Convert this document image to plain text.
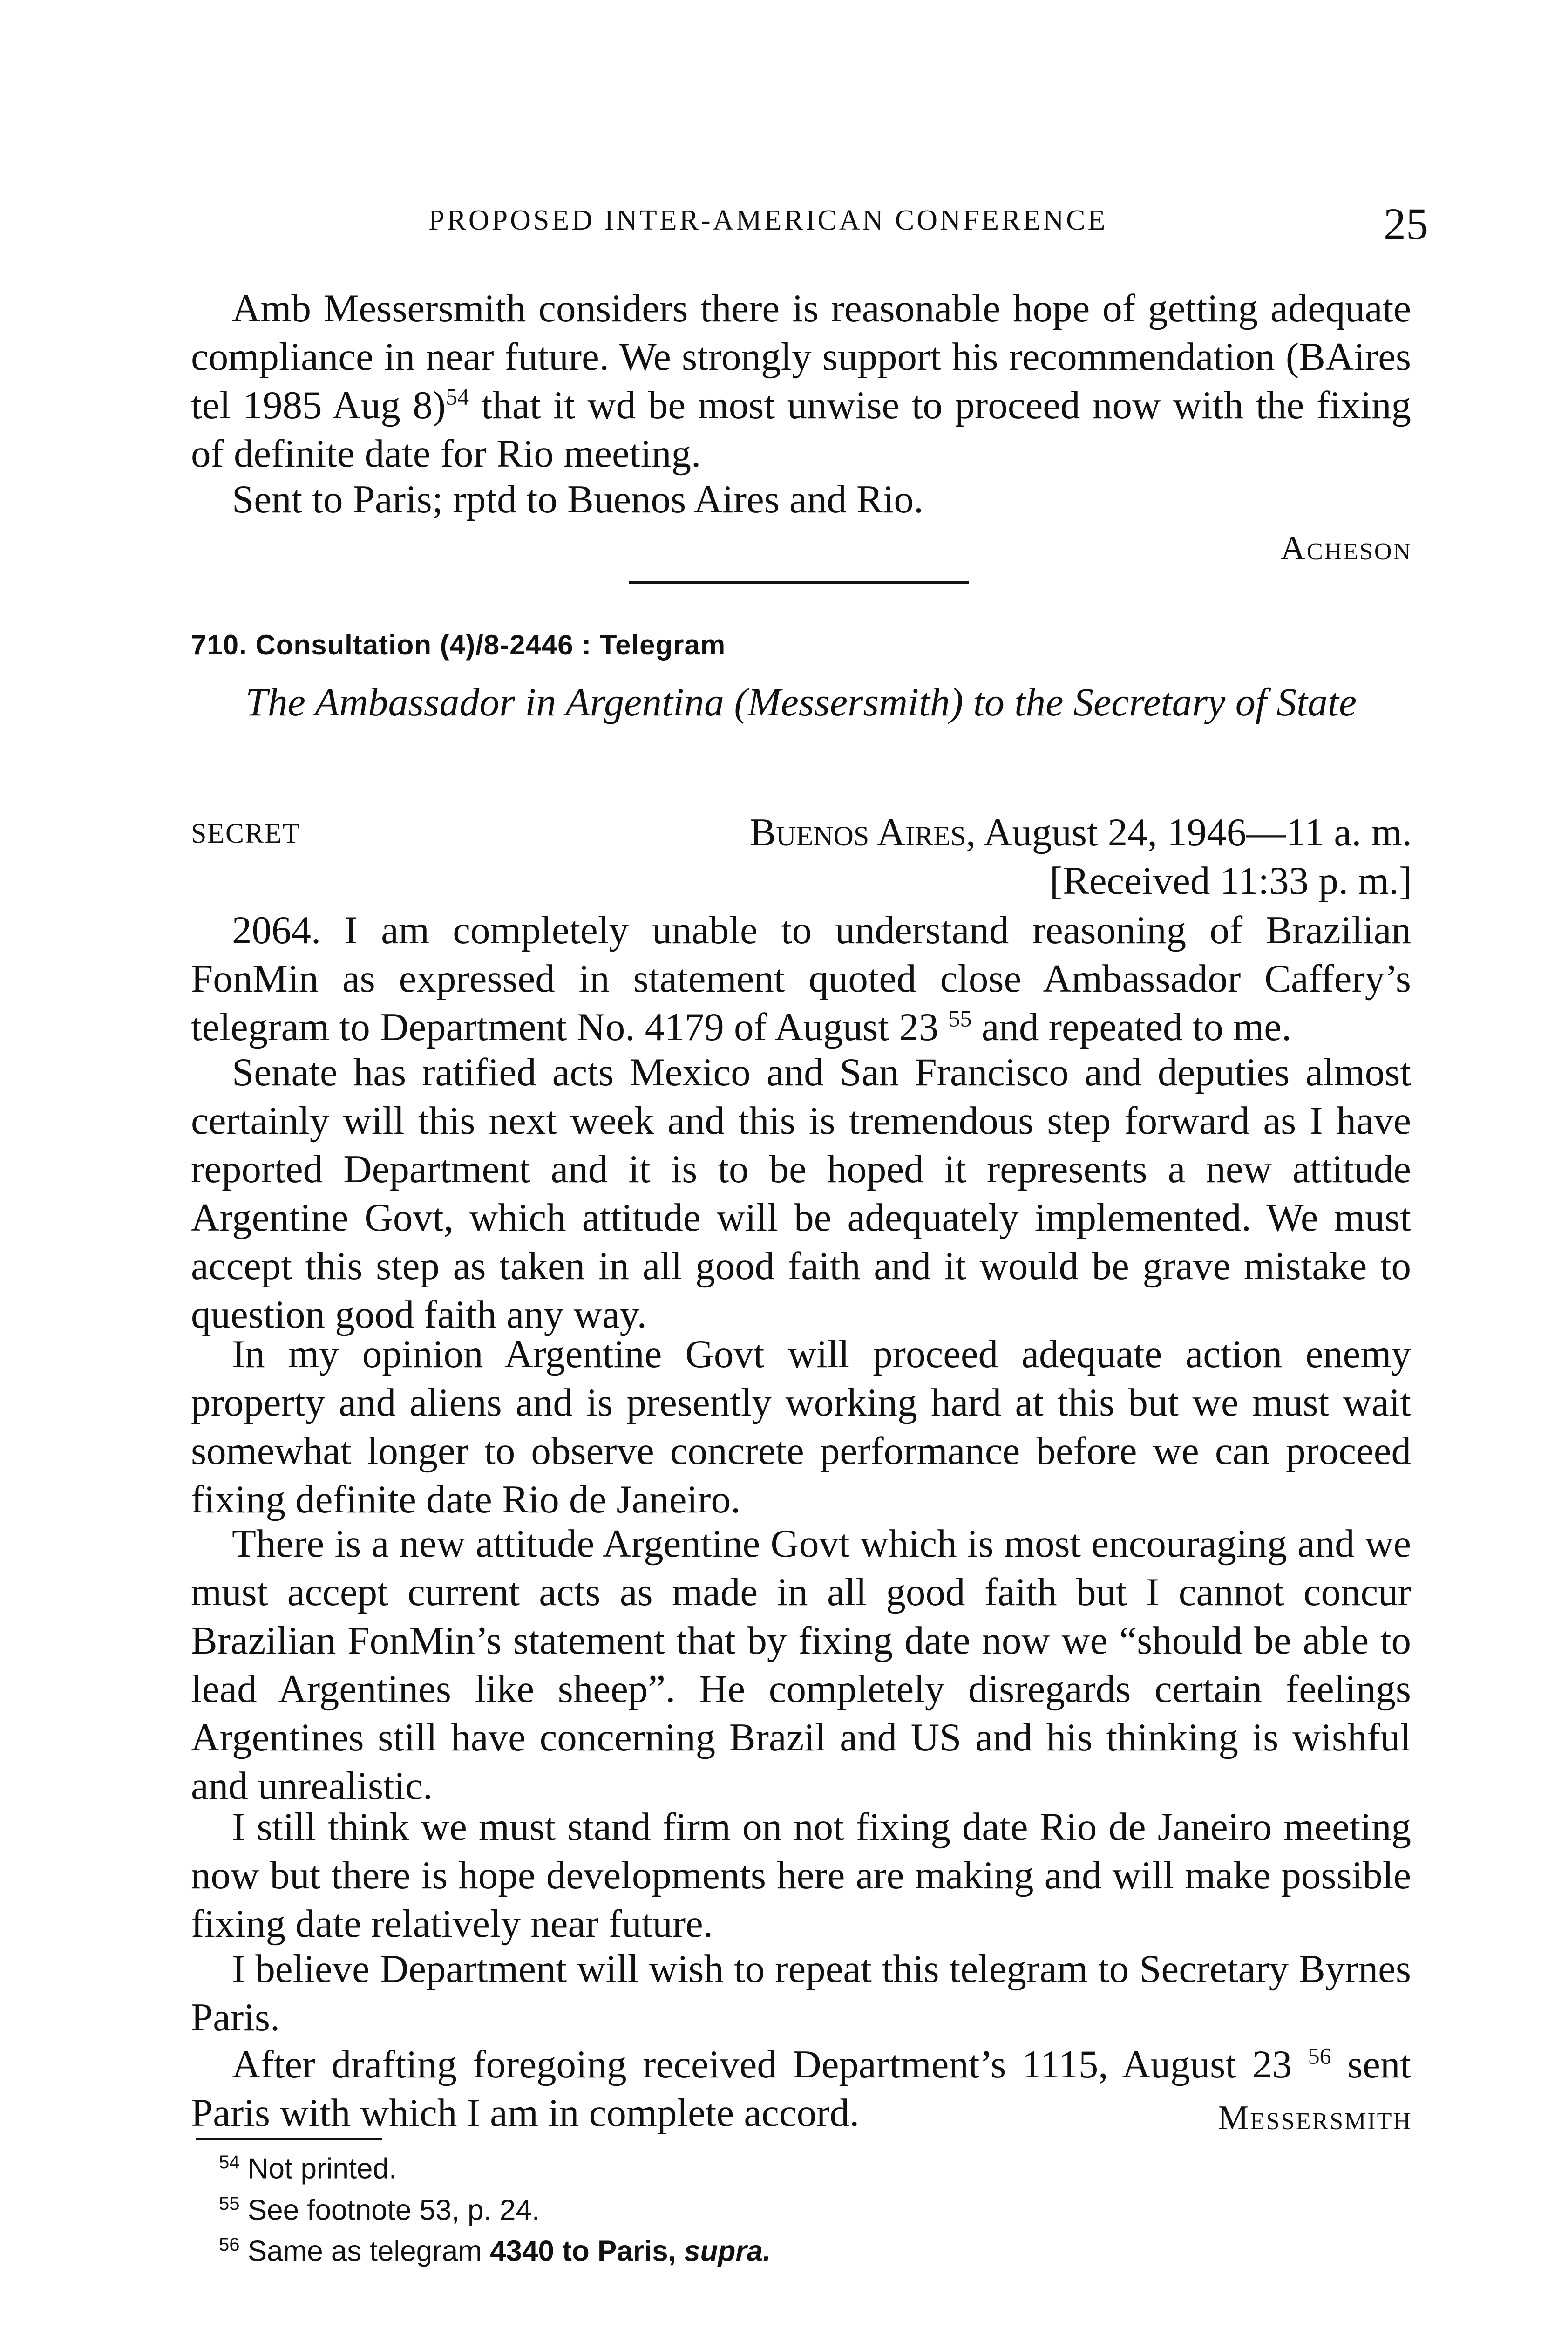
PROPOSED INTER-AMERICAN CONFERENCE	25

Amb Messersmith considers there is reasonable hope of getting adequate compliance in near future. We strongly support his recommendation (BAires tel 1985 Aug 8)$^{54}$ that it wd be most unwise to proceed now with the fixing of definite date for Rio meeting.

Sent to Paris; rptd to Buenos Aires and Rio.

Acheson
710. Consultation (4)/8-2446 : Telegram
The Ambassador in Argentina (Messersmith) to the Secretary of State
SECRET	Buenos Aires, August 24, 1946—11 a. m.
[Received 11:33 p. m.]

2064. I am completely unable to understand reasoning of Brazilian FonMin as expressed in statement quoted close Ambassador Caffery’s telegram to Department No. 4179 of August 23 $^{55}$ and repeated to me.

Senate has ratified acts Mexico and San Francisco and deputies almost certainly will this next week and this is tremendous step forward as I have reported Department and it is to be hoped it represents a new attitude Argentine Govt, which attitude will be adequately implemented. We must accept this step as taken in all good faith and it would be grave mistake to question good faith any way.

In my opinion Argentine Govt will proceed adequate action enemy property and aliens and is presently working hard at this but we must wait somewhat longer to observe concrete performance before we can proceed fixing definite date Rio de Janeiro.

There is a new attitude Argentine Govt which is most encouraging and we must accept current acts as made in all good faith but I cannot concur Brazilian FonMin’s statement that by fixing date now we “should be able to lead Argentines like sheep”. He completely disregards certain feelings Argentines still have concerning Brazil and US and his thinking is wishful and unrealistic.

I still think we must stand firm on not fixing date Rio de Janeiro meeting now but there is hope developments here are making and will make possible fixing date relatively near future.

I believe Department will wish to repeat this telegram to Secretary Byrnes Paris.

After drafting foregoing received Department’s 1115, August 23 $^{56}$ sent Paris with which I am in complete accord.	Messersmith
$^{54}$ Not printed.
$^{55}$ See footnote 53, p. 24.
$^{56}$ Same as telegram 4340 to Paris, supra.
